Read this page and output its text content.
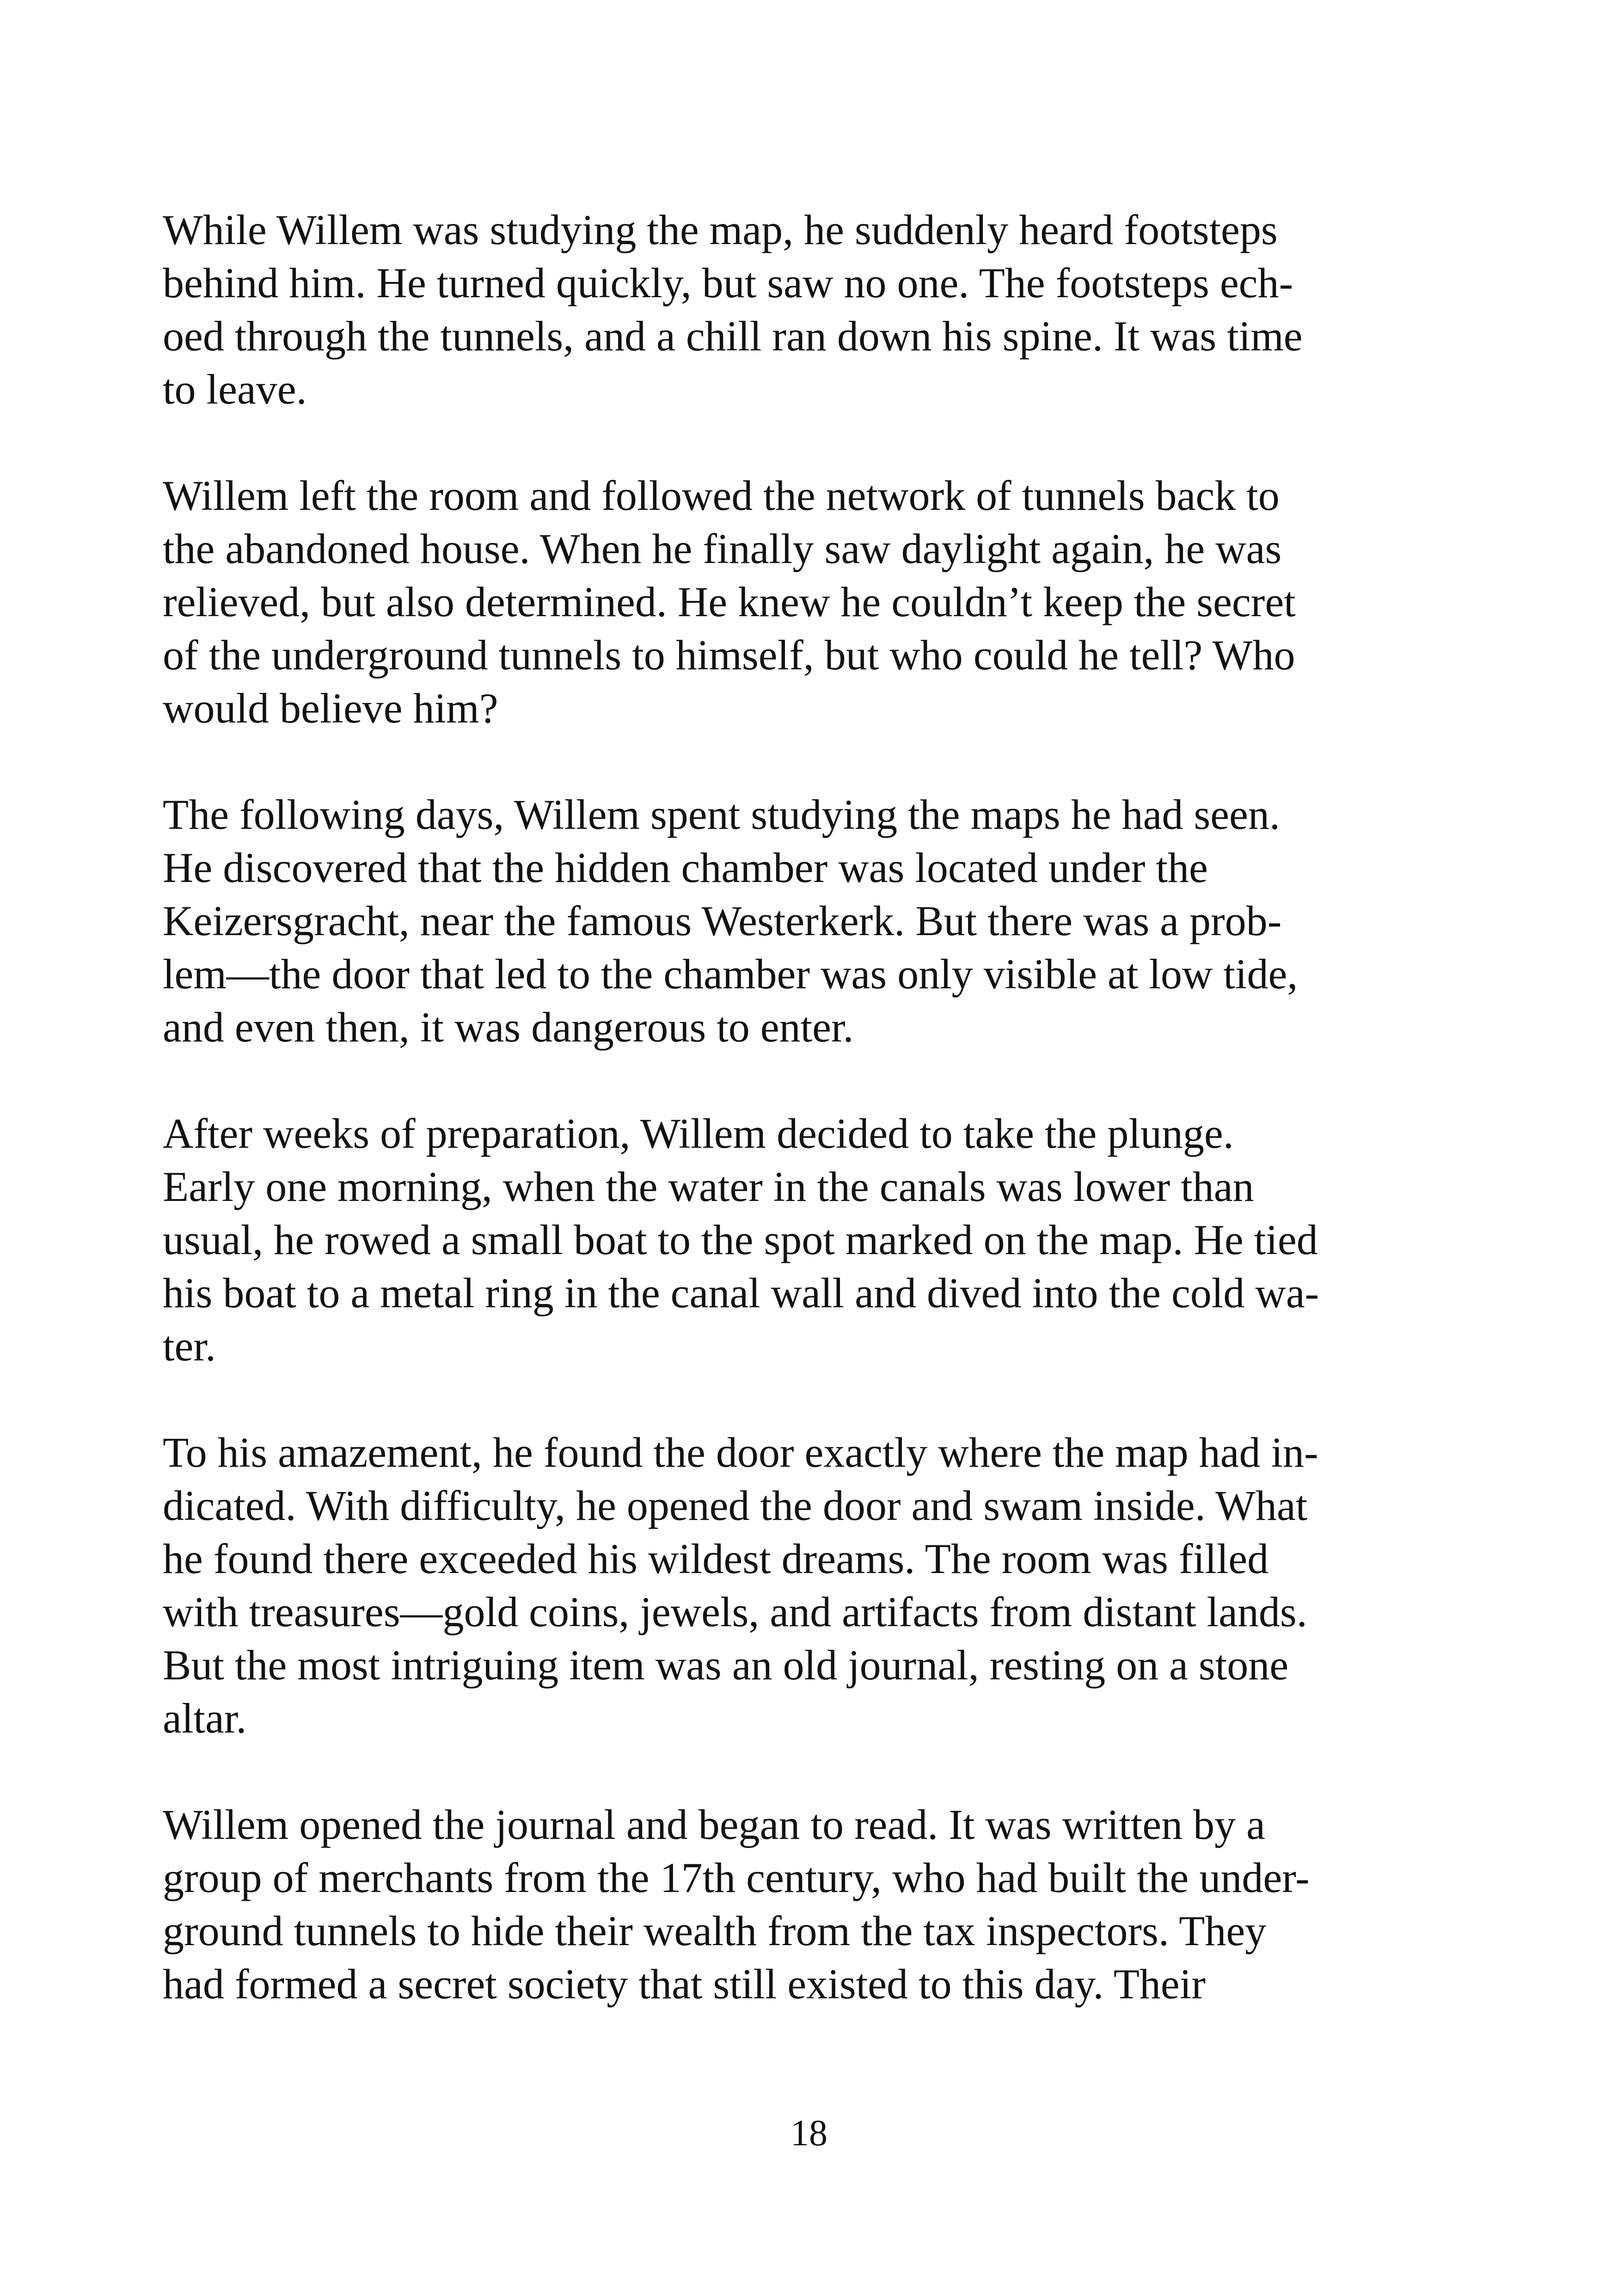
While Willem was studying the map, he suddenly heard footsteps
behind him. He turned quickly, but saw no one. The footsteps ech-
oed through the tunnels, and a chill ran down his spine. It was time
to leave.

Willem left the room and followed the network of tunnels back to
the abandoned house. When he finally saw daylight again, he was
relieved, but also determined. He knew he couldn’t keep the secret
of the underground tunnels to himself, but who could he tell? Who
would believe him?

The following days, Willem spent studying the maps he had seen.
He discovered that the hidden chamber was located under the
Keizersgracht, near the famous Westerkerk. But there was a prob-
lem—the door that led to the chamber was only visible at low tide,
and even then, it was dangerous to enter.

After weeks of preparation, Willem decided to take the plunge.
Early one morning, when the water in the canals was lower than
usual, he rowed a small boat to the spot marked on the map. He tied
his boat to a metal ring in the canal wall and dived into the cold wa-
ter.

To his amazement, he found the door exactly where the map had in-
dicated. With difficulty, he opened the door and swam inside. What
he found there exceeded his wildest dreams. The room was filled
with treasures—gold coins, jewels, and artifacts from distant lands.
But the most intriguing item was an old journal, resting on a stone
altar.

Willem opened the journal and began to read. It was written by a
group of merchants from the 17th century, who had built the under-
ground tunnels to hide their wealth from the tax inspectors. They
had formed a secret society that still existed to this day. Their

18
